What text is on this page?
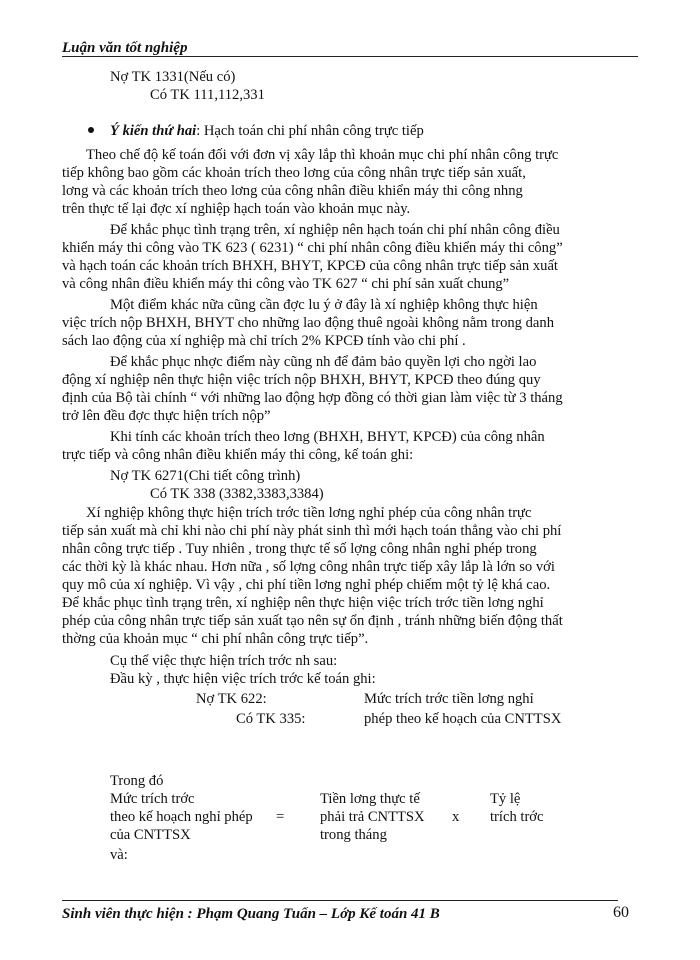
Luận văn tốt nghiệp
Nợ TK 1331(Nếu có)
Có TK 111,112,331
Ý kiến thứ hai: Hạch toán chi phí nhân công trực tiếp
Theo chế độ kế toán đối với đơn vị xây lắp thì khoản mục chi phí nhân công trực
tiếp không bao gồm các khoản trích theo lơng của công nhân trực tiếp sản xuất,
lơng và các khoản trích theo lơng của công nhân điều khiển máy thi công nhng
trên thực tế lại đợc xí nghiệp hạch toán vào khoản mục này.
Để khắc phục tình trạng trên, xí nghiệp nên hạch toán chi phí nhân công điều
khiển máy thi công vào TK 623 ( 6231) “ chi phí nhân công điều khiển máy thi công”
và hạch toán các khoản trích BHXH, BHYT, KPCĐ của công nhân trực tiếp sản xuất
và công nhân điều khiển máy thi công vào TK 627 “ chi phí sản xuất chung”
Một điểm khác nữa cũng cần đợc lu ý ở đây là xí nghiệp không thực hiện
việc trích nộp BHXH, BHYT cho những lao động thuê ngoài không nằm trong danh
sách lao động của xí nghiệp mà chỉ trích 2% KPCĐ tính vào chi phí .
Để khắc phục nhợc điểm này cũng nh để đảm bảo quyền lợi cho ngời lao
động xí nghiệp nên thực hiện việc trích nộp BHXH, BHYT, KPCĐ theo đúng quy
định của Bộ tài chính “ với những lao động hợp đồng có thời gian làm việc từ 3 tháng
trở lên đều đợc thực hiện trích nộp”
Khi tính các khoản trích theo lơng (BHXH, BHYT, KPCĐ) của công nhân
trực tiếp và công nhân điều khiển máy thi công, kế toán ghi:
Nợ TK 6271(Chi tiết công trình)
Có TK 338 (3382,3383,3384)
Xí nghiệp không thực hiện trích trớc tiền lơng nghỉ phép của công nhân trực
tiếp sản xuất mà chỉ khi nào chi phí này phát sinh thì mới hạch toán thẳng vào chi phí
nhân công trực tiếp . Tuy nhiên , trong thực tế số lợng công nhân nghỉ phép trong
các thời kỳ là khác nhau. Hơn nữa , số lợng công nhân trực tiếp xây lắp là lớn so với
quy mô của xí nghiệp. Vì vậy , chi phí tiền lơng nghỉ phép chiếm một tỷ lệ khá cao.
Để khắc phục tình trạng trên, xí nghiệp nên thực hiện việc trích trớc tiền lơng nghỉ
phép của công nhân trực tiếp sản xuất tạo nên sự ổn định , tránh những biến động thất
thờng của khoản mục “ chi phí nhân công trực tiếp”.
Cụ thể việc thực hiện trích trớc nh sau:
Đầu kỳ , thực hiện việc trích trớc kế toán ghi:
Nợ TK 622:
Có TK 335:
Mức trích trớc tiền lơng nghỉ
phép theo kế hoạch của CNTTSX
Trong đó
Mức trích trớc
theo kế hoạch nghỉ phép
của CNTTSX
=
Tiền lơng thực tế
phải trả CNTTSX
trong tháng
x
Tỷ lệ
trích trớc
và:
Sinh viên thực hiện : Phạm Quang Tuấn – Lớp Kế toán 41 B	60
